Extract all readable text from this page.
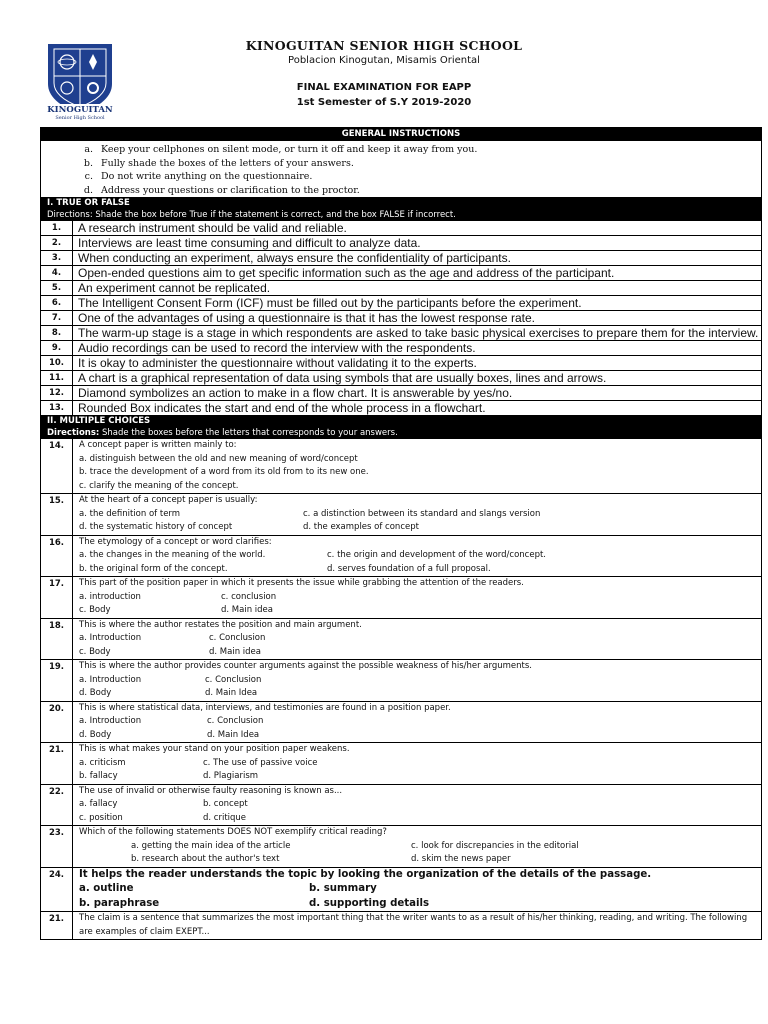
KINOGUITAN
Senior High School
KINOGUITAN SENIOR HIGH SCHOOL
Poblacion Kinogutan, Misamis Oriental
FINAL EXAMINATION FOR EAPP
1st Semester of S.Y 2019-2020
GENERAL INSTRUCTIONS
a. Keep your cellphones on silent mode, or turn it off and keep it away from you.
b. Fully shade the boxes of the letters of your answers.
c. Do not write anything on the questionnaire.
d. Address your questions or clarification to the proctor.
I. TRUE OR FALSE
Directions: Shade the box before True if the statement is correct, and the box FALSE if incorrect.
1.	A research instrument should be valid and reliable.
2.	Interviews are least time consuming and difficult to analyze data.
3.	When conducting an experiment, always ensure the confidentiality of participants.
4.	Open-ended questions aim to get specific information such as the age and address of the participant.
5.	An experiment cannot be replicated.
6.	The Intelligent Consent Form (ICF) must be filled out by the participants before the experiment.
7.	One of the advantages of using a questionnaire is that it has the lowest response rate.
8.	The warm-up stage is a stage in which respondents are asked to take basic physical exercises to prepare them for the interview.
9.	Audio recordings can be used to record the interview with the respondents.
10.	It is okay to administer the questionnaire without validating it to the experts.
11.	A chart is a graphical representation of data using symbols that are usually boxes, lines and arrows.
12.	Diamond symbolizes an action to make in a flow chart. It is answerable by yes/no.
13.	Rounded Box indicates the start and end of the whole process in a flowchart.
II. MULTIPLE CHOICES
Directions: Shade the boxes before the letters that corresponds to your answers.
14.	A concept paper is written mainly to:
a. distinguish between the old and new meaning of word/concept
b. trace the development of a word from its old from to its new one.
c. clarify the meaning of the concept.
15.	At the heart of a concept paper is usually:
a. the definition of term	c. a distinction between its standard and slangs version
d. the systematic history of concept	d. the examples of concept
16.	The etymology of a concept or word clarifies:
a. the changes in the meaning of the world.	c. the origin and development of the word/concept.
b. the original form of the concept.	d. serves foundation of a full proposal.
17.	This part of the position paper in which it presents the issue while grabbing the attention of the readers.
a. introduction	c. conclusion
c. Body	d. Main idea
18.	This is where the author restates the position and main argument.
a. Introduction	c. Conclusion
c. Body	d. Main idea
19.	This is where the author provides counter arguments against the possible weakness of his/her arguments.
a. Introduction	c. Conclusion
d. Body	d. Main Idea
20.	This is where statistical data, interviews, and testimonies are found in a position paper.
a. Introduction	c. Conclusion
d. Body	d. Main Idea
21.	This is what makes your stand on your position paper weakens.
a. criticism	c. The use of passive voice
b. fallacy	d. Plagiarism
22.	The use of invalid or otherwise faulty reasoning is known as...
a. fallacy	b. concept
c. position	d. critique
23.	Which of the following statements DOES NOT exemplify critical reading?
a. getting the main idea of the article	c. look for discrepancies in the editorial
b. research about the author's text	d. skim the news paper
24.	It helps the reader understands the topic by looking the organization of the details of the passage.
a. outline	b. summary
b. paraphrase	d. supporting details
21.	The claim is a sentence that summarizes the most important thing that the writer wants to as a result of his/her thinking, reading, and writing. The following are examples of claim EXEPT...
